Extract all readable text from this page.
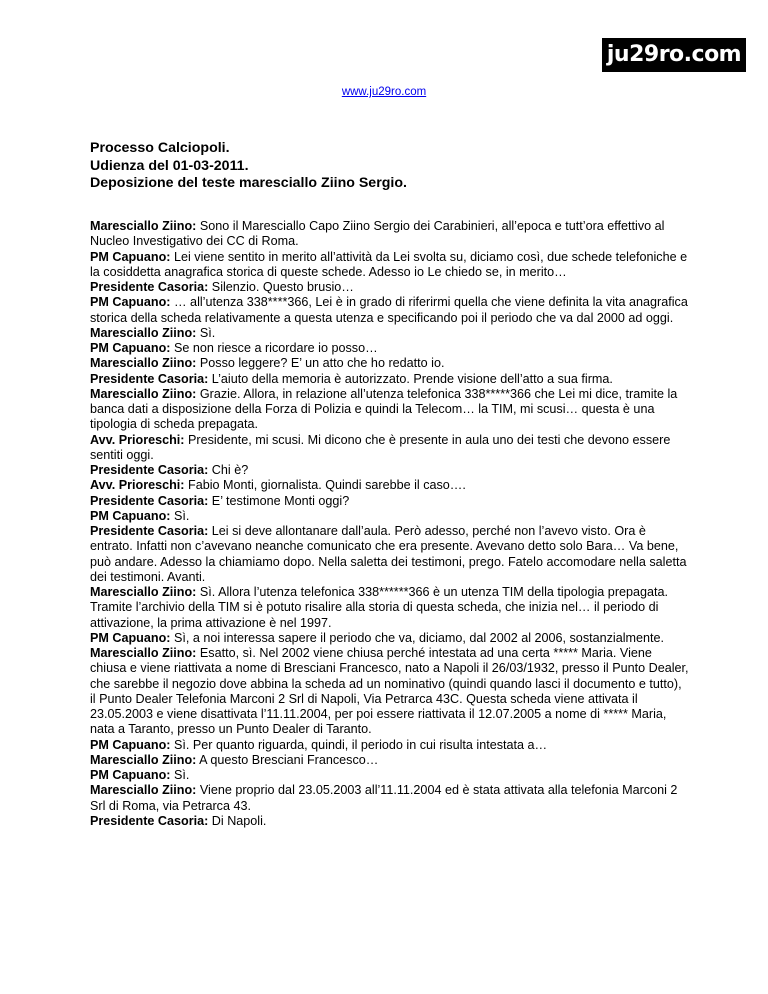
ju29ro.com
www.ju29ro.com
Processo Calciopoli.
Udienza del 01-03-2011.
Deposizione del teste maresciallo Ziino Sergio.

Maresciallo Ziino: Sono il Maresciallo Capo Ziino Sergio dei Carabinieri, all’epoca e tutt’ora effettivo al Nucleo Investigativo dei CC di Roma.

PM Capuano: Lei viene sentito in merito all’attività da Lei svolta su, diciamo così, due schede telefoniche e la cosiddetta anagrafica storica di queste schede. Adesso io Le chiedo se, in merito…

Presidente Casoria: Silenzio. Questo brusio…

PM Capuano: … all’utenza 338****366, Lei è in grado di riferirmi quella che viene definita la vita anagrafica storica della scheda relativamente a questa utenza e specificando poi il periodo che va dal 2000 ad oggi.

Maresciallo Ziino: Sì.

PM Capuano: Se non riesce a ricordare io posso…

Maresciallo Ziino: Posso leggere? E’ un atto che ho redatto io.

Presidente Casoria: L’aiuto della memoria è autorizzato. Prende visione dell’atto a sua firma.

Maresciallo Ziino: Grazie. Allora, in relazione all’utenza telefonica 338*****366 che Lei mi dice, tramite la banca dati a disposizione della Forza di Polizia e quindi la Telecom… la TIM, mi scusi… questa è una tipologia di scheda prepagata.

Avv. Prioreschi: Presidente, mi scusi. Mi dicono che è presente in aula uno dei testi che devono essere sentiti oggi.

Presidente Casoria: Chi è?

Avv. Prioreschi: Fabio Monti, giornalista. Quindi sarebbe il caso….

Presidente Casoria: E’ testimone Monti oggi?

PM Capuano: Sì.

Presidente Casoria: Lei si deve allontanare dall’aula. Però adesso, perché non l’avevo visto. Ora è entrato. Infatti non c’avevano neanche comunicato che era presente. Avevano detto solo Bara… Va bene, può andare. Adesso la chiamiamo dopo. Nella saletta dei testimoni, prego. Fatelo accomodare nella saletta dei testimoni. Avanti.

Maresciallo Ziino: Sì. Allora l’utenza telefonica 338******366 è un utenza TIM della tipologia prepagata. Tramite l’archivio della TIM si è potuto risalire alla storia di questa scheda, che inizia nel… il periodo di attivazione, la prima attivazione è nel 1997.

PM Capuano: Sì, a noi interessa sapere il periodo che va, diciamo, dal 2002 al 2006, sostanzialmente.

Maresciallo Ziino: Esatto, sì. Nel 2002 viene chiusa perché intestata ad una certa ***** Maria. Viene chiusa e viene riattivata a nome di Bresciani Francesco, nato a Napoli il 26/03/1932, presso il Punto Dealer, che sarebbe il negozio dove abbina la scheda ad un nominativo (quindi quando lasci il documento e tutto), il Punto Dealer Telefonia Marconi 2 Srl di Napoli, Via Petrarca 43C. Questa scheda viene attivata il 23.05.2003 e viene disattivata l’11.11.2004, per poi essere riattivata il 12.07.2005 a nome di ***** Maria, nata a Taranto, presso un Punto Dealer di Taranto.

PM Capuano: Sì. Per quanto riguarda, quindi, il periodo in cui risulta intestata a…

Maresciallo Ziino: A questo Bresciani Francesco…

PM Capuano: Sì.

Maresciallo Ziino: Viene proprio dal 23.05.2003 all’11.11.2004 ed è stata attivata alla telefonia Marconi 2 Srl di Roma, via Petrarca 43.

Presidente Casoria: Di Napoli.
